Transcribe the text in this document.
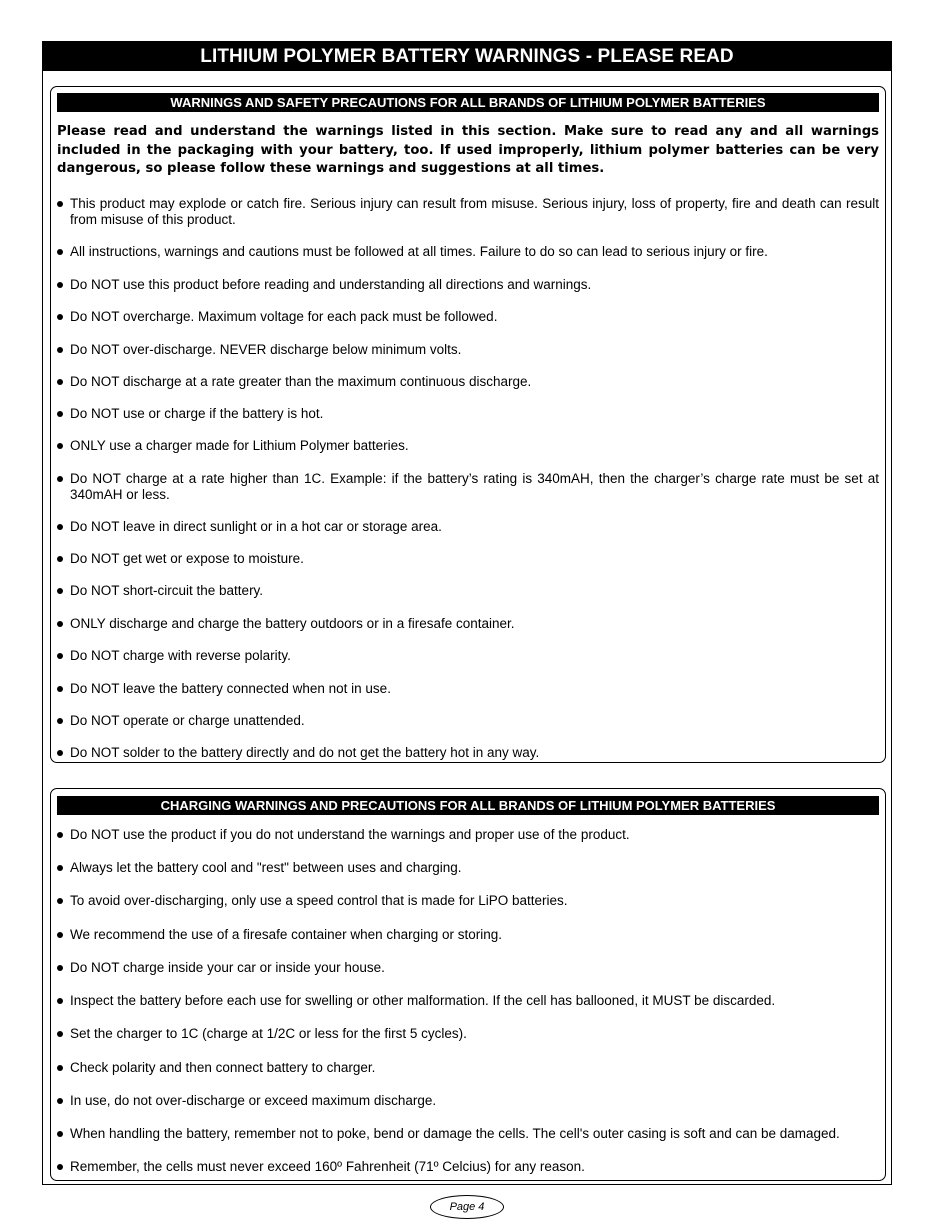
LITHIUM POLYMER BATTERY WARNINGS - PLEASE READ
WARNINGS AND SAFETY PRECAUTIONS FOR ALL BRANDS OF LITHIUM POLYMER BATTERIES
Please read and understand the warnings listed in this section. Make sure to read any and all warnings included in the packaging with your battery, too. If used improperly, lithium polymer batteries can be very dangerous, so please follow these warnings and suggestions at all times.
This product may explode or catch fire. Serious injury can result from misuse. Serious injury, loss of property, fire and death can result from misuse of this product.
All instructions, warnings and cautions must be followed at all times. Failure to do so can lead to serious injury or fire.
Do NOT use this product before reading and understanding all directions and warnings.
Do NOT overcharge. Maximum voltage for each pack must be followed.
Do NOT over-discharge. NEVER discharge below minimum volts.
Do NOT discharge at a rate greater than the maximum continuous discharge.
Do NOT use or charge if the battery is hot.
ONLY use a charger made for Lithium Polymer batteries.
Do NOT charge at a rate higher than 1C. Example: if the battery’s rating is 340mAH, then the charger’s charge rate must be set at 340mAH or less.
Do NOT leave in direct sunlight or in a hot car or storage area.
Do NOT get wet or expose to moisture.
Do NOT short-circuit the battery.
ONLY discharge and charge the battery outdoors or in a firesafe container.
Do NOT charge with reverse polarity.
Do NOT leave the battery connected when not in use.
Do NOT operate or charge unattended.
Do NOT solder to the battery directly and do not get the battery hot in any way.
CHARGING WARNINGS AND PRECAUTIONS FOR ALL BRANDS OF LITHIUM POLYMER BATTERIES
Do NOT use the product if you do not understand the warnings and proper use of the product.
Always let the battery cool and "rest" between uses and charging.
To avoid over-discharging, only use a speed control that is made for LiPO batteries.
We recommend the use of a firesafe container when charging or storing.
Do NOT charge inside your car or inside your house.
Inspect the battery before each use for swelling or other malformation. If the cell has ballooned, it MUST be discarded.
Set the charger to 1C (charge at 1/2C or less for the first 5 cycles).
Check polarity and then connect battery to charger.
In use, do not over-discharge or exceed maximum discharge.
When handling the battery, remember not to poke, bend or damage the cells. The cell's outer casing is soft and can be damaged.
Remember, the cells must never exceed 160º Fahrenheit (71º Celcius) for any reason.
Page 4
